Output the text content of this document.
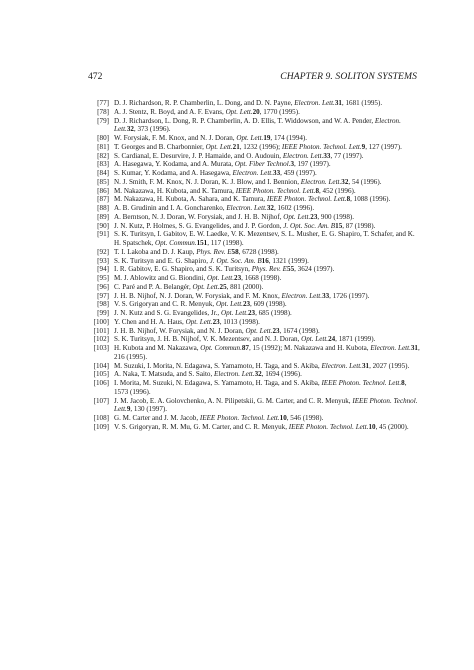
472	CHAPTER 9. SOLITON SYSTEMS
[77] D. J. Richardson, R. P. Chamberlin, L. Dong, and D. N. Payne, Electron. Lett.31, 1681 (1995).
[78] A. J. Stentz, R. Boyd, and A. F. Evans, Opt. Lett.20, 1770 (1995).
[79] D. J. Richardson, L. Dong, R. P. Chamberlin, A. D. Ellis, T. Widdowson, and W. A. Pender, Electron. Lett.32, 373 (1996).
[80] W. Forysiak, F. M. Knox, and N. J. Doran, Opt. Lett.19, 174 (1994).
[81] T. Georges and B. Charbonnier, Opt. Lett.21, 1232 (1996); IEEE Photon. Technol. Lett.9, 127 (1997).
[82] S. Cardianal, E. Desurvire, J. P. Hamaide, and O. Audouin, Electron. Lett.33, 77 (1997).
[83] A. Hasegawa, Y. Kodama, and A. Murata, Opt. Fiber Technol.3, 197 (1997).
[84] S. Kumar, Y. Kodama, and A. Hasegawa, Electron. Lett.33, 459 (1997).
[85] N. J. Smith, F. M. Knox, N. J. Doran, K. J. Blow, and I. Bennion, Electron. Lett.32, 54 (1996).
[86] M. Nakazawa, H. Kubota, and K. Tamura, IEEE Photon. Technol. Lett.8, 452 (1996).
[87] M. Nakazawa, H. Kubota, A. Sahara, and K. Tamura, IEEE Photon. Technol. Lett.8, 1088 (1996).
[88] A. B. Grudinin and I. A. Goncharenko, Electron. Lett.32, 1602 (1996).
[89] A. Berntson, N. J. Doran, W. Forysiak, and J. H. B. Nijhof, Opt. Lett.23, 900 (1998).
[90] J. N. Kutz, P. Holmes, S. G. Evangelides, and J. P. Gordon, J. Opt. Soc. Am. B15, 87 (1998).
[91] S. K. Turitsyn, I. Gabitov, E. W. Laedke, V. K. Mezentsev, S. L. Musher, E. G. Shapiro, T. Schafer, and K. H. Spatschek, Opt. Commun.151, 117 (1998).
[92] T. I. Lakoba and D. J. Kaup, Phys. Rev. E58, 6728 (1998).
[93] S. K. Turitsyn and E. G. Shapiro, J. Opt. Soc. Am. B16, 1321 (1999).
[94] I. R. Gabitov, E. G. Shapiro, and S. K. Turitsyn, Phys. Rev. E55, 3624 (1997).
[95] M. J. Ablowitz and G. Biondini, Opt. Lett.23, 1668 (1998).
[96] C. Paré and P. A. Belangér, Opt. Lett.25, 881 (2000).
[97] J. H. B. Nijhof, N. J. Doran, W. Forysiak, and F. M. Knox, Electron. Lett.33, 1726 (1997).
[98] V. S. Grigoryan and C. R. Menyuk, Opt. Lett.23, 609 (1998).
[99] J. N. Kutz and S. G. Evangelides, Jr., Opt. Lett.23, 685 (1998).
[100] Y. Chen and H. A. Haus, Opt. Lett.23, 1013 (1998).
[101] J. H. B. Nijhof, W. Forysiak, and N. J. Doran, Opt. Lett.23, 1674 (1998).
[102] S. K. Turitsyn, J. H. B. Nijhof, V. K. Mezentsev, and N. J. Doran, Opt. Lett.24, 1871 (1999).
[103] H. Kubota and M. Nakazawa, Opt. Commun.87, 15 (1992); M. Nakazawa and H. Kubota, Electron. Lett.31, 216 (1995).
[104] M. Suzuki, I. Morita, N. Edagawa, S. Yamamoto, H. Taga, and S. Akiba, Electron. Lett.31, 2027 (1995).
[105] A. Naka, T. Matsuda, and S. Saito, Electron. Lett.32, 1694 (1996).
[106] I. Morita, M. Suzuki, N. Edagawa, S. Yamamoto, H. Taga, and S. Akiba, IEEE Photon. Technol. Lett.8, 1573 (1996).
[107] J. M. Jacob, E. A. Golovchenko, A. N. Pilipetskii, G. M. Carter, and C. R. Menyuk, IEEE Photon. Technol. Lett.9, 130 (1997).
[108] G. M. Carter and J. M. Jacob, IEEE Photon. Technol. Lett.10, 546 (1998).
[109] V. S. Grigoryan, R. M. Mu, G. M. Carter, and C. R. Menyuk, IEEE Photon. Technol. Lett.10, 45 (2000).
